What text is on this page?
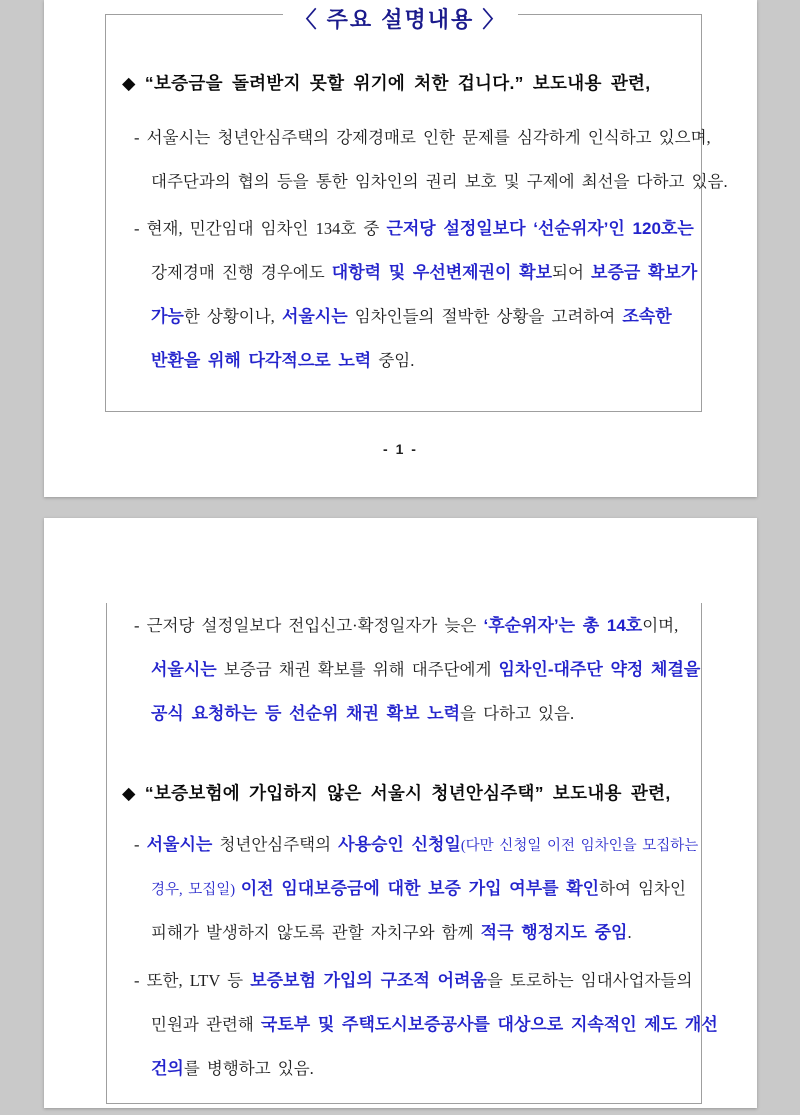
〈 주요 설명내용 〉
◆ “보증금을 돌려받지 못할 위기에 처한 겁니다.” 보도내용 관련,
- 서울시는 청년안심주택의 강제경매로 인한 문제를 심각하게 인식하고 있으며,
대주단과의 협의 등을 통한 임차인의 권리 보호 및 구제에 최선을 다하고 있음.
- 현재, 민간임대 임차인 134호 중 근저당 설정일보다 ‘선순위자’인 120호는
강제경매 진행 경우에도 대항력 및 우선변제권이 확보되어 보증금 확보가
가능한 상황이나, 서울시는 임차인들의 절박한 상황을 고려하여 조속한
반환을 위해 다각적으로 노력 중임.
- 1 -
- 근저당 설정일보다 전입신고·확정일자가 늦은 ‘후순위자’는 총 14호이며,
서울시는 보증금 채권 확보를 위해 대주단에게 임차인-대주단 약정 체결을
공식 요청하는 등 선순위 채권 확보 노력을 다하고 있음.
◆ “보증보험에 가입하지 않은 서울시 청년안심주택” 보도내용 관련,
- 서울시는 청년안심주택의 사용승인 신청일(다만 신청일 이전 임차인을 모집하는
경우, 모집일) 이전 임대보증금에 대한 보증 가입 여부를 확인하여 임차인
피해가 발생하지 않도록 관할 자치구와 함께 적극 행정지도 중임.
- 또한, LTV 등 보증보험 가입의 구조적 어려움을 토로하는 임대사업자들의
민원과 관련해 국토부 및 주택도시보증공사를 대상으로 지속적인 제도 개선
건의를 병행하고 있음.
